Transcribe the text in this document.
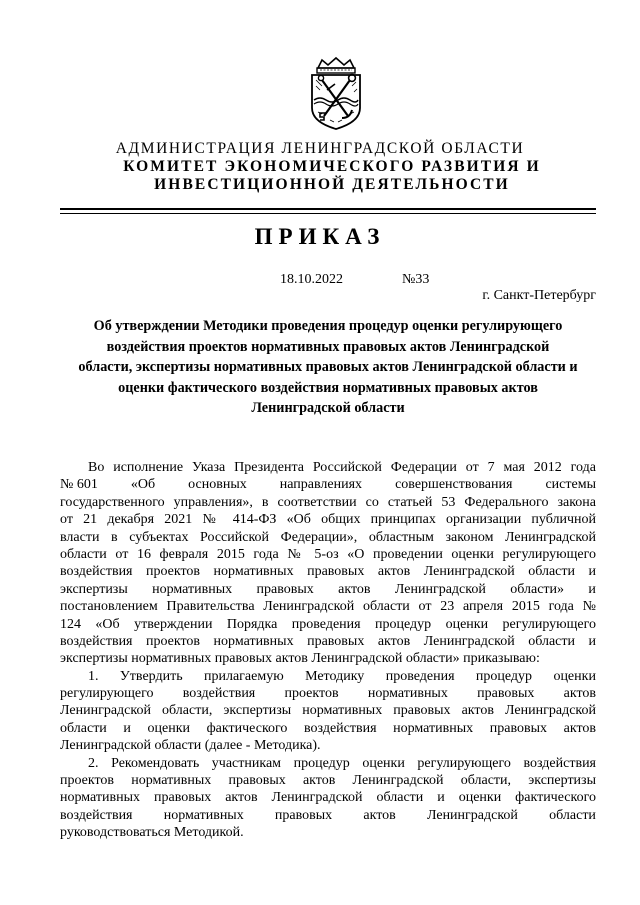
АДМИНИСТРАЦИЯ ЛЕНИНГРАДСКОЙ ОБЛАСТИ
КОМИТЕТ ЭКОНОМИЧЕСКОГО РАЗВИТИЯ И
ИНВЕСТИЦИОННОЙ ДЕЯТЕЛЬНОСТИ
ПРИКАЗ
18.10.2022	№33
г. Санкт-Петербург
Об утверждении Методики проведения процедур оценки регулирующего
воздействия проектов нормативных правовых актов Ленинградской
области, экспертизы нормативных правовых актов Ленинградской области и
оценки фактического воздействия нормативных правовых актов
Ленинградской области
Во исполнение Указа Президента Российской Федерации от 7 мая 2012 года
№ 601 «Об основных направлениях совершенствования системы
государственного управления», в соответствии со статьей 53 Федерального закона
от 21 декабря 2021 № 414-ФЗ «Об общих принципах организации публичной
власти в субъектах Российской Федерации», областным законом Ленинградской
области от 16 февраля 2015 года № 5-оз «О проведении оценки регулирующего
воздействия проектов нормативных правовых актов Ленинградской области и
экспертизы нормативных правовых актов Ленинградской области» и
постановлением Правительства Ленинградской области от 23 апреля 2015 года №
124 «Об утверждении Порядка проведения процедур оценки регулирующего
воздействия проектов нормативных правовых актов Ленинградской области и
экспертизы нормативных правовых актов Ленинградской области» приказываю:
1. Утвердить прилагаемую Методику проведения процедур оценки
регулирующего воздействия проектов нормативных правовых актов
Ленинградской области, экспертизы нормативных правовых актов Ленинградской
области и оценки фактического воздействия нормативных правовых актов
Ленинградской области (далее - Методика).
2. Рекомендовать участникам процедур оценки регулирующего воздействия
проектов нормативных правовых актов Ленинградской области, экспертизы
нормативных правовых актов Ленинградской области и оценки фактического
воздействия нормативных правовых актов Ленинградской области
руководствоваться Методикой.
